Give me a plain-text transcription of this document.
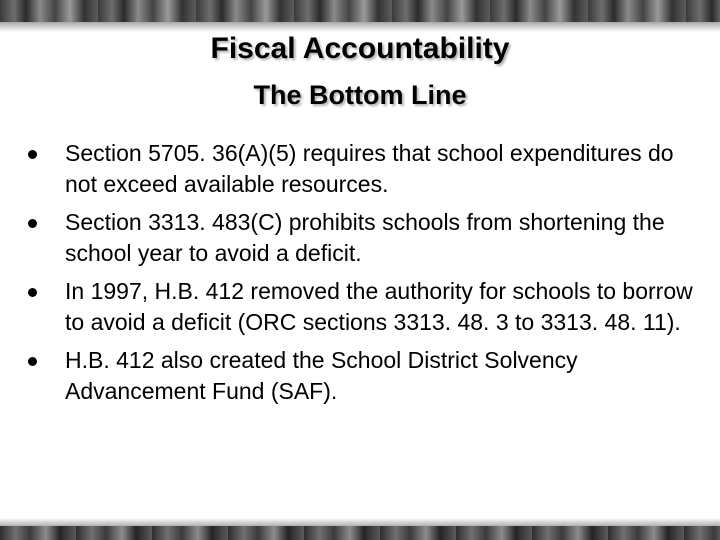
Fiscal Accountability
The Bottom Line
Section 5705. 36(A)(5) requires that school expenditures do not exceed available resources.
Section 3313. 483(C) prohibits schools from shortening the school year to avoid a deficit.
In 1997, H.B. 412 removed the authority for schools to borrow to avoid a deficit (ORC sections 3313. 48. 3 to 3313. 48. 11).
H.B. 412 also created the School District Solvency Advancement Fund (SAF).
